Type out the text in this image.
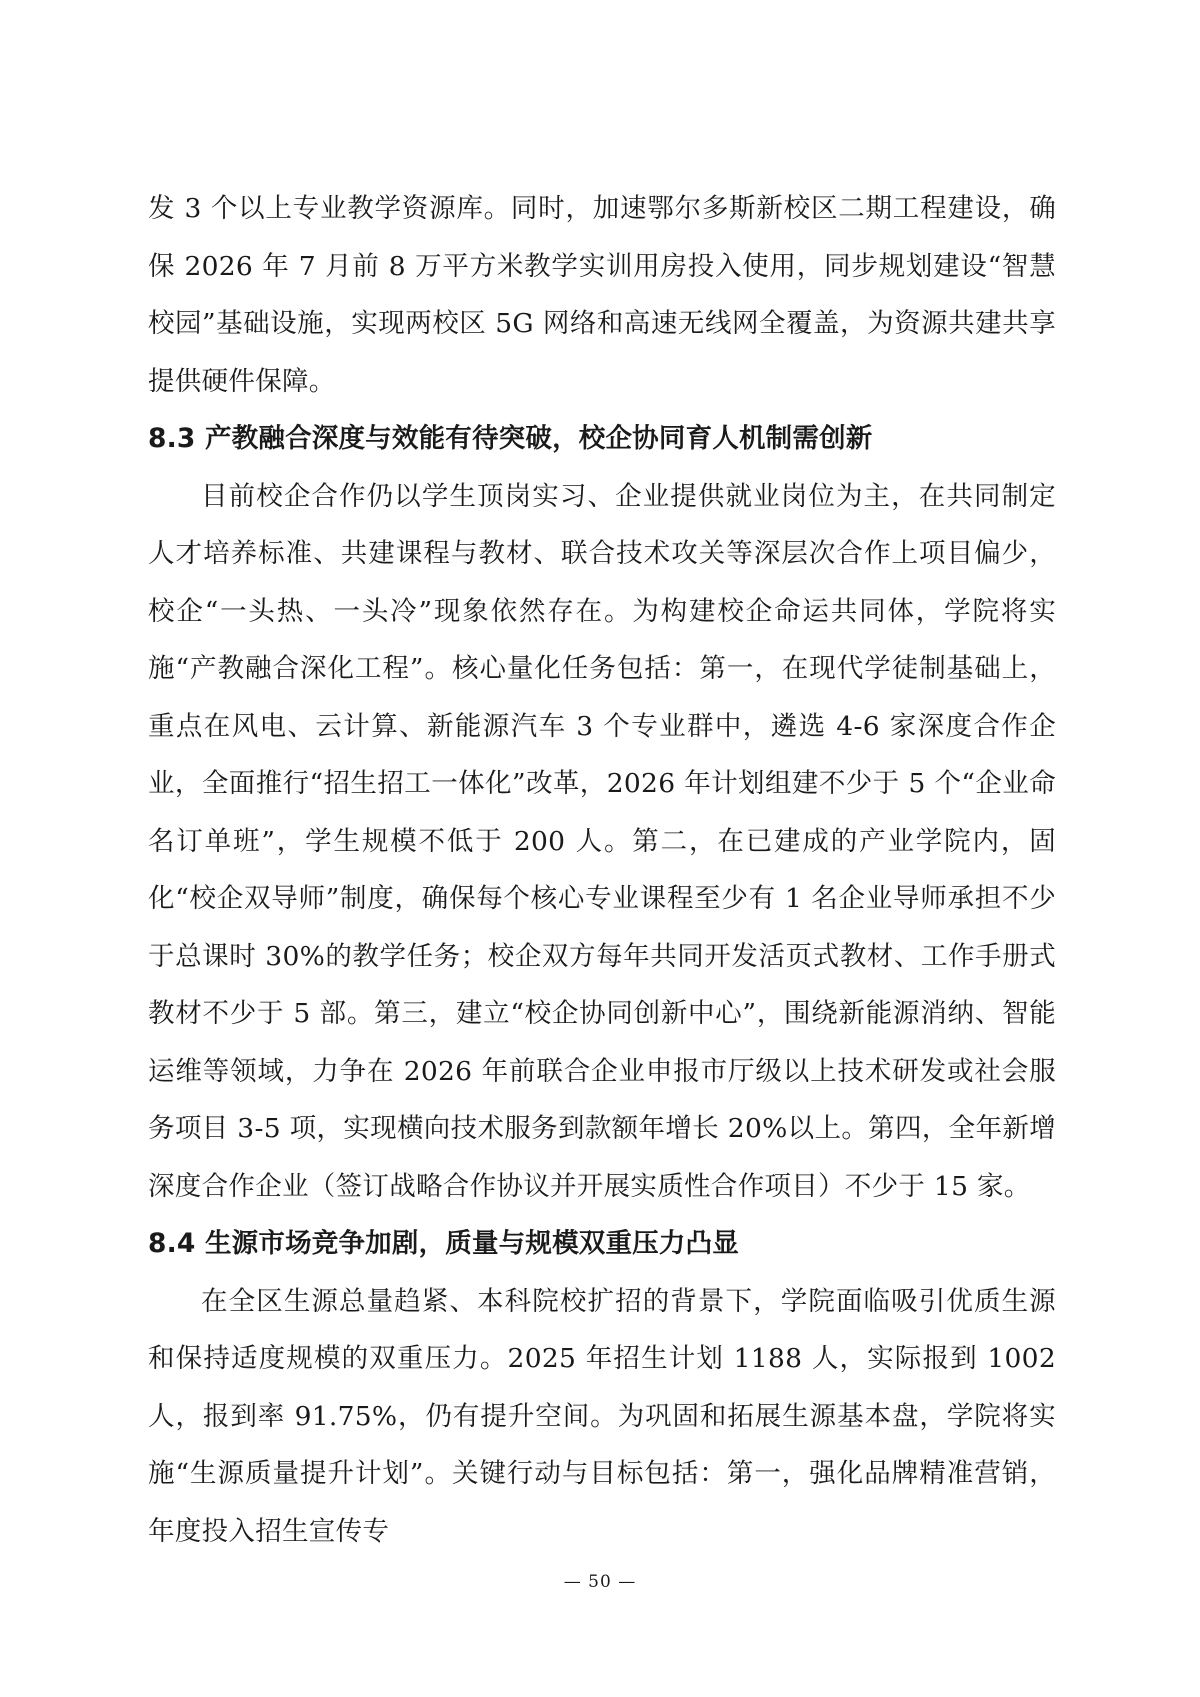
发 3 个以上专业教学资源库。同时，加速鄂尔多斯新校区二期工程建设，确保 2026 年 7 月前 8 万平方米教学实训用房投入使用，同步规划建设“智慧校园”基础设施，实现两校区 5G 网络和高速无线网全覆盖，为资源共建共享提供硬件保障。

8.3 产教融合深度与效能有待突破，校企协同育人机制需创新

目前校企合作仍以学生顶岗实习、企业提供就业岗位为主，在共同制定人才培养标准、共建课程与教材、联合技术攻关等深层次合作上项目偏少，校企“一头热、一头冷”现象依然存在。为构建校企命运共同体，学院将实施“产教融合深化工程”。核心量化任务包括：第一，在现代学徒制基础上，重点在风电、云计算、新能源汽车 3 个专业群中，遴选 4-6 家深度合作企业，全面推行“招生招工一体化”改革，2026 年计划组建不少于 5 个“企业命名订单班”，学生规模不低于 200 人。第二，在已建成的产业学院内，固化“校企双导师”制度，确保每个核心专业课程至少有 1 名企业导师承担不少于总课时 30%的教学任务；校企双方每年共同开发活页式教材、工作手册式教材不少于 5 部。第三，建立“校企协同创新中心”，围绕新能源消纳、智能运维等领域，力争在 2026 年前联合企业申报市厅级以上技术研发或社会服务项目 3-5 项，实现横向技术服务到款额年增长 20%以上。第四，全年新增深度合作企业（签订战略合作协议并开展实质性合作项目）不少于 15 家。

8.4 生源市场竞争加剧，质量与规模双重压力凸显

在全区生源总量趋紧、本科院校扩招的背景下，学院面临吸引优质生源和保持适度规模的双重压力。2025 年招生计划 1188 人，实际报到 1002 人，报到率 91.75%，仍有提升空间。为巩固和拓展生源基本盘，学院将实施“生源质量提升计划”。关键行动与目标包括：第一，强化品牌精准营销，年度投入招生宣传专

— 50 —
